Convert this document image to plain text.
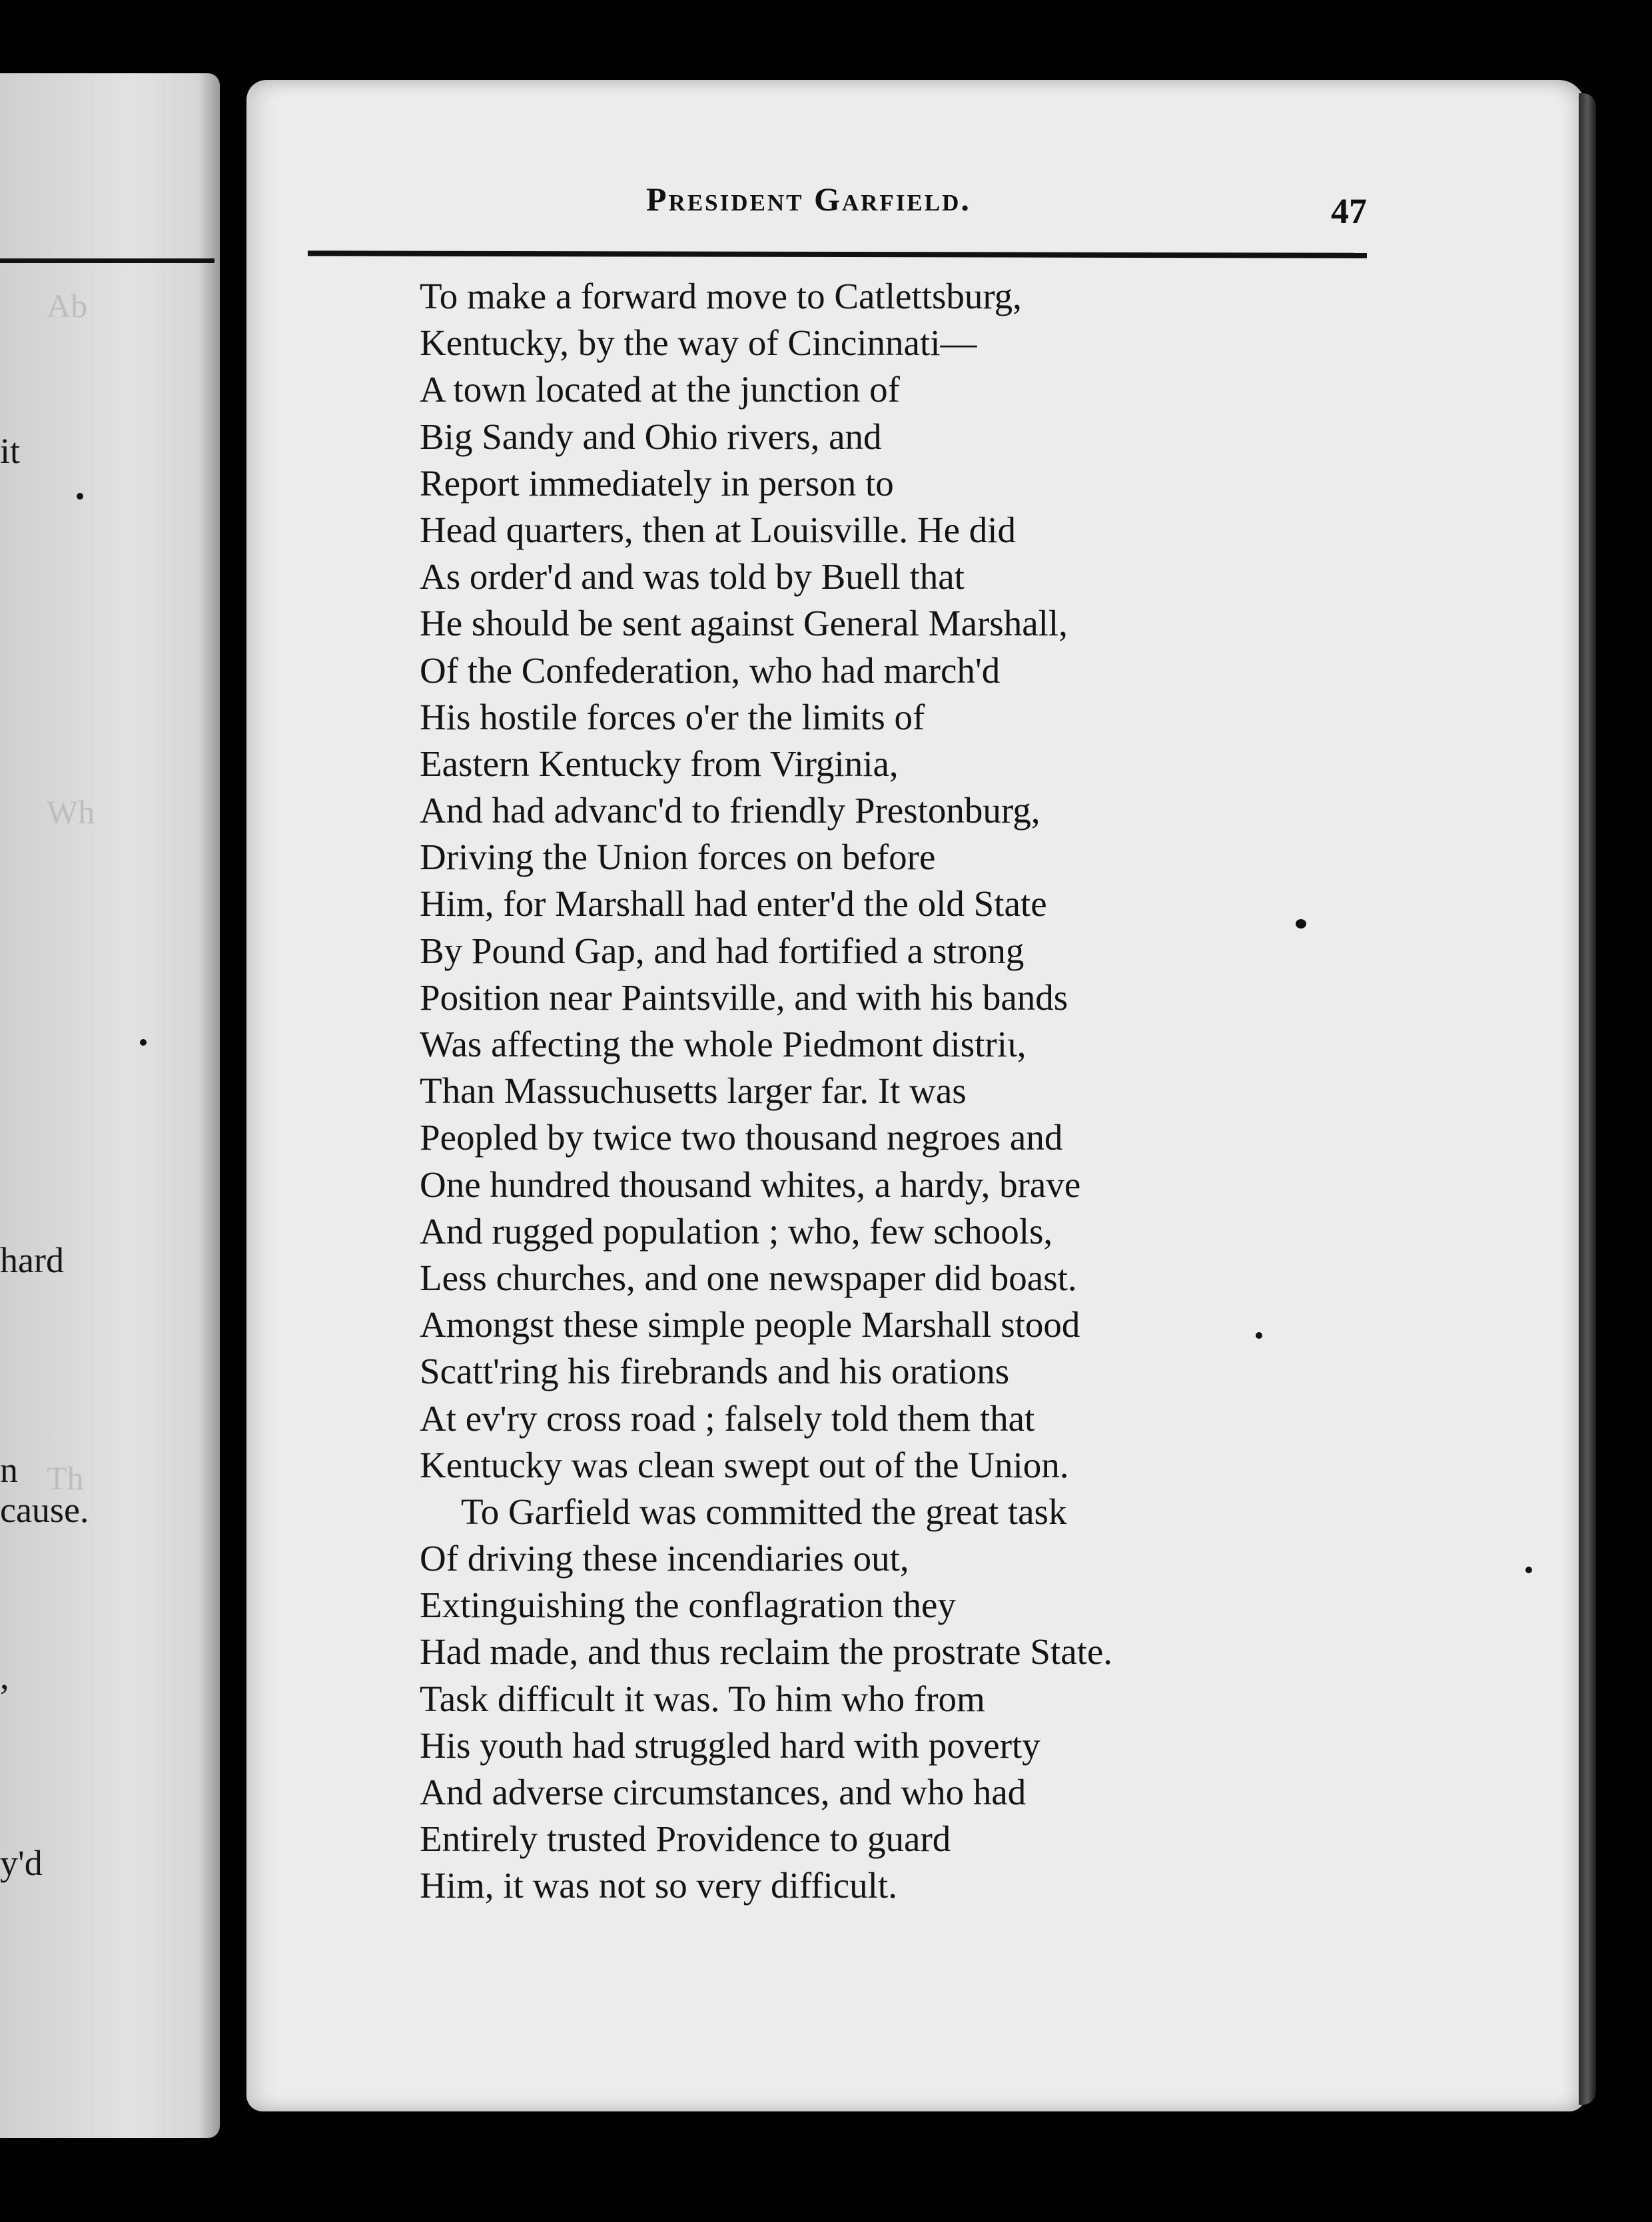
Ab
Wh
Th
it
hard
n
cause.
,
y'd
President Garfield.	47
To make a forward move to Catlettsburg,
Kentucky, by the way of Cincinnati—
A town located at the junction of
Big Sandy and Ohio rivers, and
Report immediately in person to
Head quarters, then at Louisville. He did
As order'd and was told by Buell that
He should be sent against General Marshall,
Of the Confederation, who had march'd
His hostile forces o'er the limits of
Eastern Kentucky from Virginia,
And had advanc'd to friendly Prestonburg,
Driving the Union forces on before
Him, for Marshall had enter'd the old State
By Pound Gap, and had fortified a strong
Position near Paintsville, and with his bands
Was affecting the whole Piedmont distriɩ,
Than Massuchusetts larger far. It was
Peopled by twice two thousand negroes and
One hundred thousand whites, a hardy, brave
And rugged population ; who, few schools,
Less churches, and one newspaper did boast.
Amongst these simple people Marshall stood
Scatt'ring his firebrands and his orations
At ev'ry cross road ; falsely told them that
Kentucky was clean swept out of the Union.
To Garfield was committed the great task
Of driving these incendiaries out,
Extinguishing the conflagration they
Had made, and thus reclaim the prostrate State.
Task difficult it was. To him who from
His youth had struggled hard with poverty
And adverse circumstances, and who had
Entirely trusted Providence to guard
Him, it was not so very difficult.
